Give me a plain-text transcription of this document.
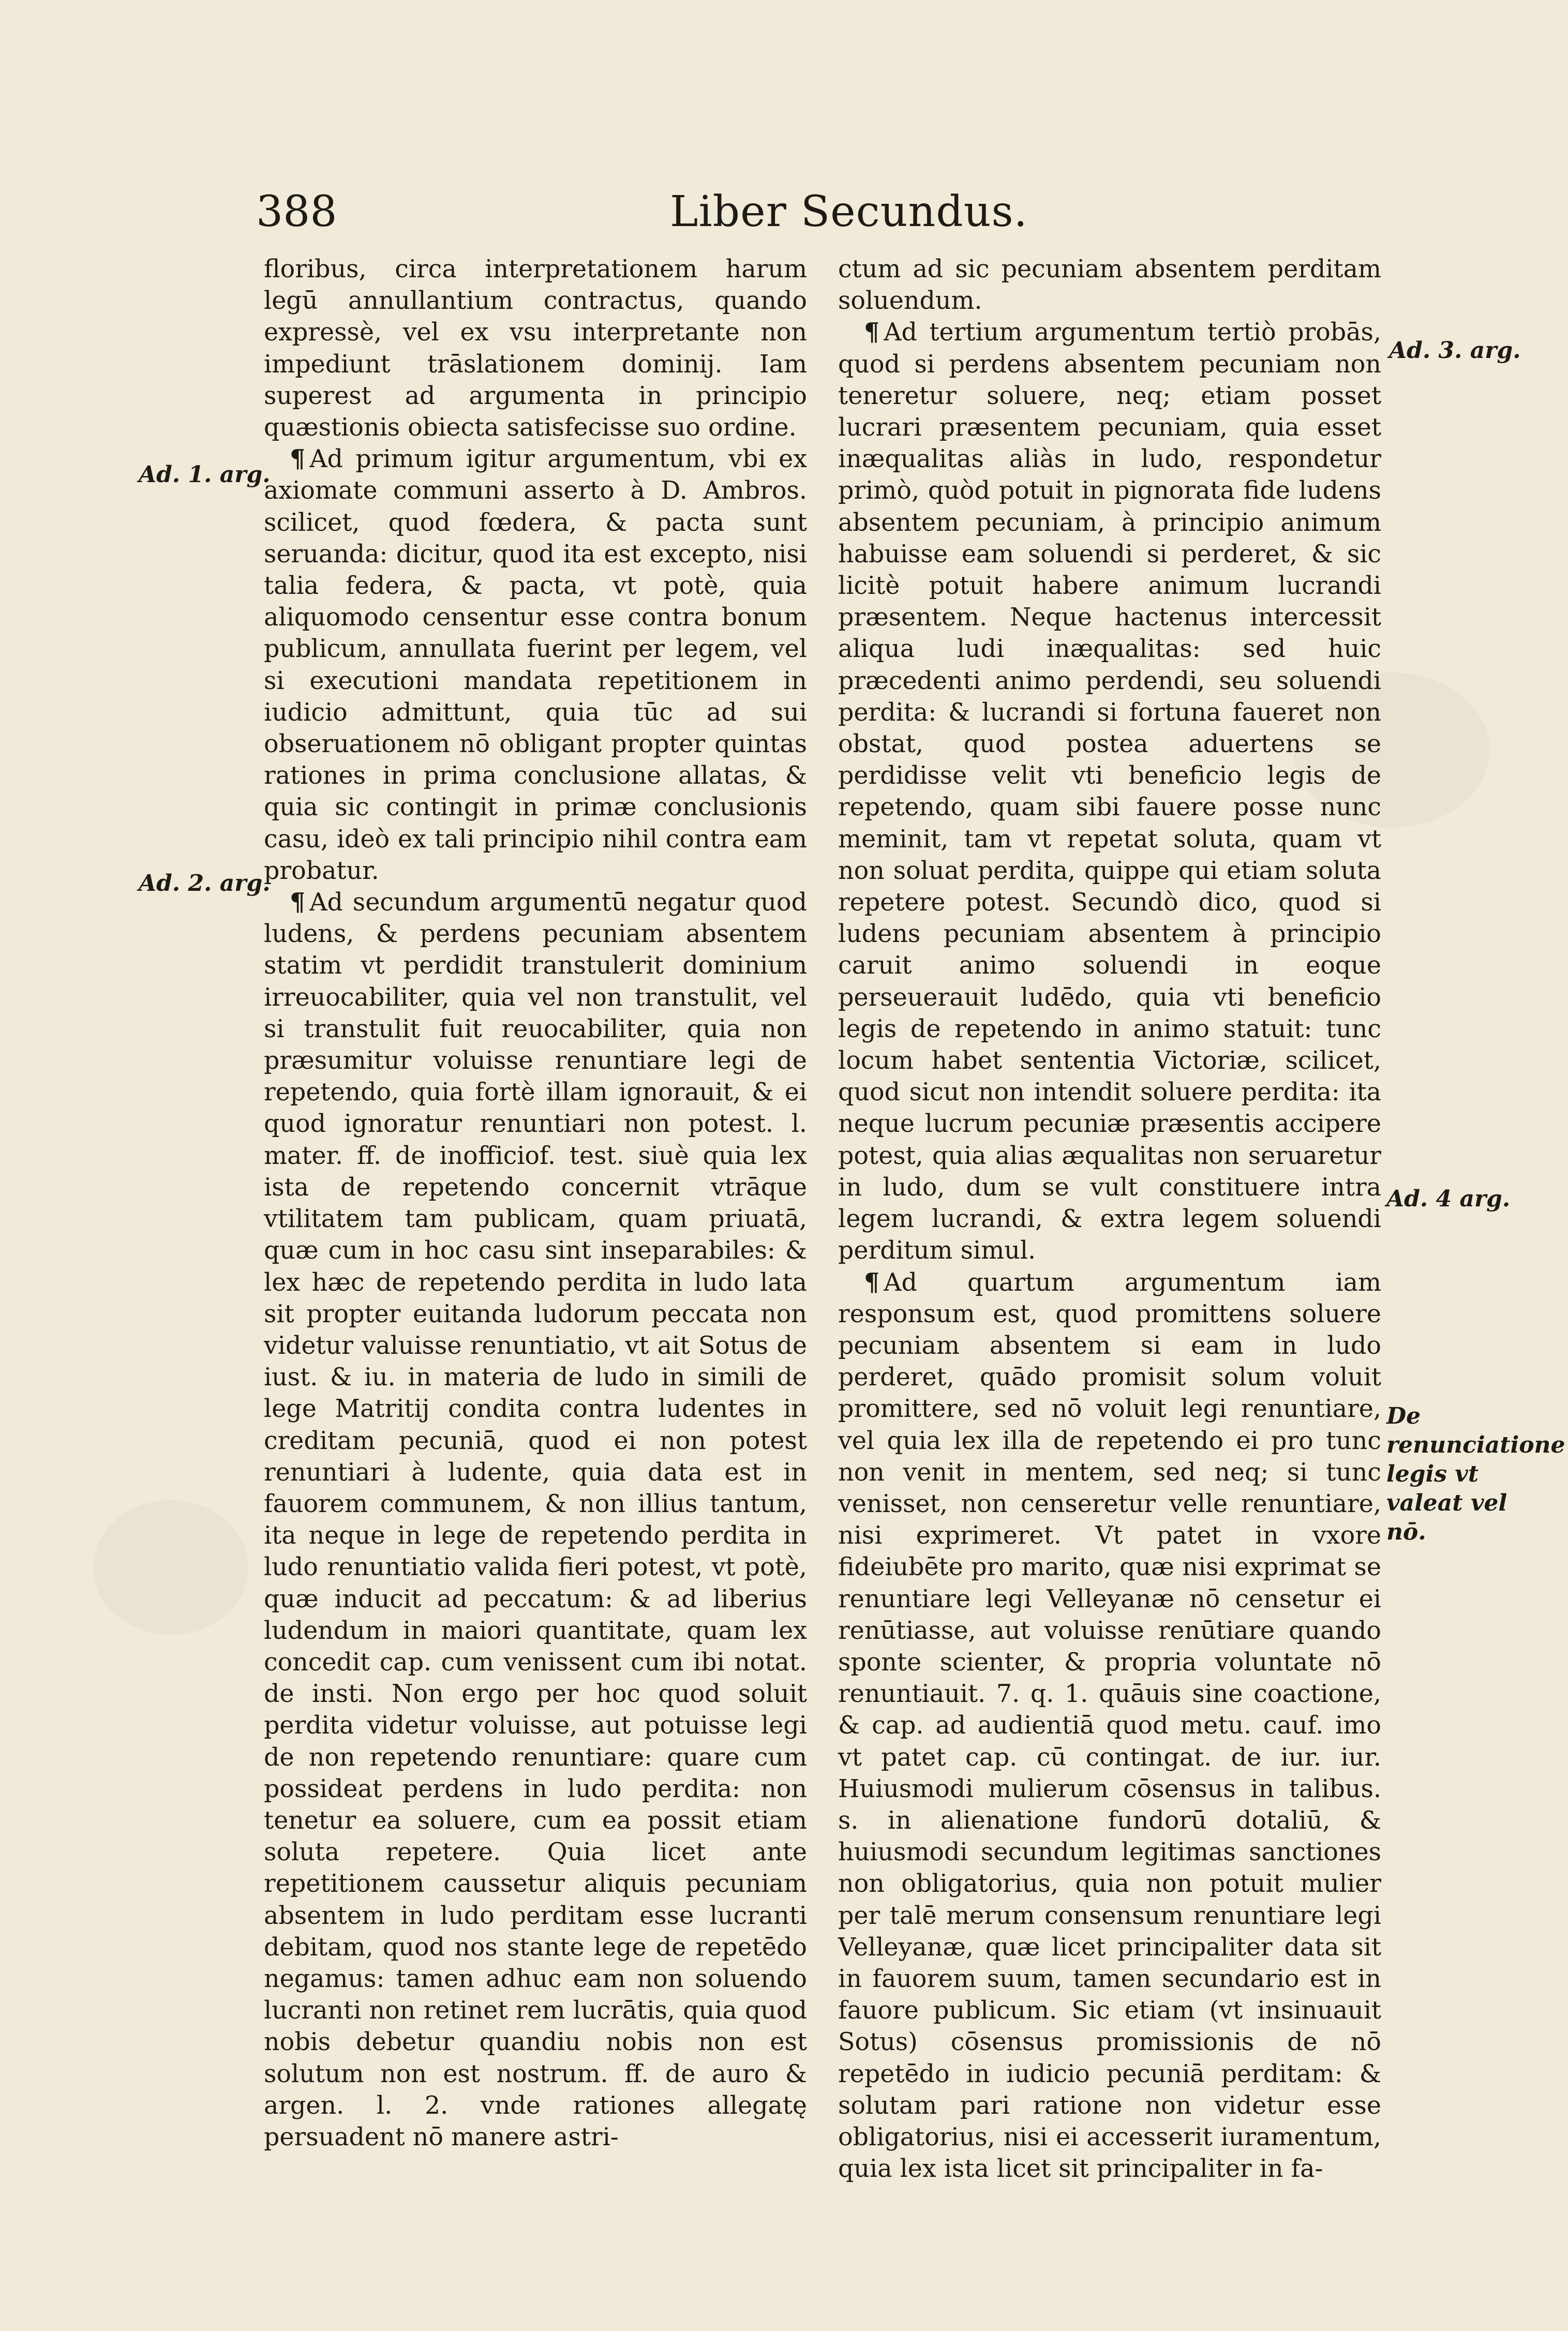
388	Liber Secundus.

floribus, circa interpretationem harum legū annullantium contractus, quando expressè, vel ex vsu interpretante non impediunt trāslationem dominij. Iam superest ad argumenta in principio quæstionis obiecta satisfecisse suo ordine.

¶ Ad primum igitur argumentum, vbi ex axiomate communi asserto à D. Ambros. scilicet, quod fœdera, & pacta sunt seruanda: dicitur, quod ita est excepto, nisi talia federa, & pacta, vt potè, quia aliquomodo censentur esse contra bonum publicum, annullata fuerint per legem, vel si executioni mandata repetitionem in iudicio admittunt, quia tūc ad sui obseruationem nō obligant propter quintas rationes in prima conclusione allatas, & quia sic contingit in primæ conclusionis casu, ideò ex tali principio nihil contra eam probatur.

¶ Ad secundum argumentū negatur quod ludens, & perdens pecuniam absentem statim vt perdidit transtulerit dominium irreuocabiliter, quia vel non transtulit, vel si transtulit fuit reuocabiliter, quia non præsumitur voluisse renuntiare legi de repetendo, quia fortè illam ignorauit, & ei quod ignoratur renuntiari non potest. l. mater. ff. de inofficiof. test. siuè quia lex ista de repetendo concernit vtrāque vtilitatem tam publicam, quam priuatā, quæ cum in hoc casu sint inseparabiles: & lex hæc de repetendo perdita in ludo lata sit propter euitanda ludorum peccata non videtur valuisse renuntiatio, vt ait Sotus de iust. & iu. in materia de ludo in simili de lege Matritij condita contra ludentes in creditam pecuniā, quod ei non potest renuntiari à ludente, quia data est in fauorem communem, & non illius tantum, ita neque in lege de repetendo perdita in ludo renuntiatio valida fieri potest, vt potè, quæ inducit ad peccatum: & ad liberius ludendum in maiori quantitate, quam lex concedit cap. cum venissent cum ibi notat. de insti. Non ergo per hoc quod soluit perdita videtur voluisse, aut potuisse legi de non repetendo renuntiare: quare cum possideat perdens in ludo perdita: non tenetur ea soluere, cum ea possit etiam soluta repetere. Quia licet ante repetitionem caussetur aliquis pecuniam absentem in ludo perditam esse lucranti debitam, quod nos stante lege de repetēdo negamus: tamen adhuc eam non soluendo lucranti non retinet rem lucrātis, quia quod nobis debetur quandiu nobis non est solutum non est nostrum. ff. de auro & argen. l. 2. vnde rationes allegatę persuadent nō manere astri-

ctum ad sic pecuniam absentem perditam soluendum.

¶ Ad tertium argumentum tertiò probās, quod si perdens absentem pecuniam non teneretur soluere, neq; etiam posset lucrari præsentem pecuniam, quia esset inæqualitas aliàs in ludo, respondetur primò, quòd potuit in pignorata fide ludens absentem pecuniam, à principio animum habuisse eam soluendi si perderet, & sic licitè potuit habere animum lucrandi præsentem. Neque hactenus intercessit aliqua ludi inæqualitas: sed huic præcedenti animo perdendi, seu soluendi perdita: & lucrandi si fortuna faueret non obstat, quod postea aduertens se perdidisse velit vti beneficio legis de repetendo, quam sibi fauere posse nunc meminit, tam vt repetat soluta, quam vt non soluat perdita, quippe qui etiam soluta repetere potest. Secundò dico, quod si ludens pecuniam absentem à principio caruit animo soluendi in eoque perseuerauit ludēdo, quia vti beneficio legis de repetendo in animo statuit: tunc locum habet sententia Victoriæ, scilicet, quod sicut non intendit soluere perdita: ita neque lucrum pecuniæ præsentis accipere potest, quia alias æqualitas non seruaretur in ludo, dum se vult constituere intra legem lucrandi, & extra legem soluendi perditum simul.

¶ Ad quartum argumentum iam responsum est, quod promittens soluere pecuniam absentem si eam in ludo perderet, quādo promisit solum voluit promittere, sed nō voluit legi renuntiare, vel quia lex illa de repetendo ei pro tunc non venit in mentem, sed neq; si tunc venisset, non censeretur velle renuntiare, nisi exprimeret. Vt patet in vxore fideiubēte pro marito, quæ nisi exprimat se renuntiare legi Velleyanæ nō censetur ei renūtiasse, aut voluisse renūtiare quando sponte scienter, & propria voluntate nō renuntiauit. 7. q. 1. quāuis sine coactione, & cap. ad audientiā quod metu. cauf. imo vt patet cap. cū contingat. de iur. iur. Huiusmodi mulierum cōsensus in talibus. s. in alienatione fundorū dotaliū, & huiusmodi secundum legitimas sanctiones non obligatorius, quia non potuit mulier per talē merum consensum renuntiare legi Velleyanæ, quæ licet principaliter data sit in fauorem suum, tamen secundario est in fauore publicum. Sic etiam (vt insinuauit Sotus) cōsensus promissionis de nō repetēdo in iudicio pecuniā perditam: & solutam pari ratione non videtur esse obligatorius, nisi ei accesserit iuramentum, quia lex ista licet sit principaliter in fa-

Ad. 1. arg.
Ad. 2. arg.
Ad. 3. arg.
Ad. 4 arg.
De renunciatione legis vt valeat vel nō.
